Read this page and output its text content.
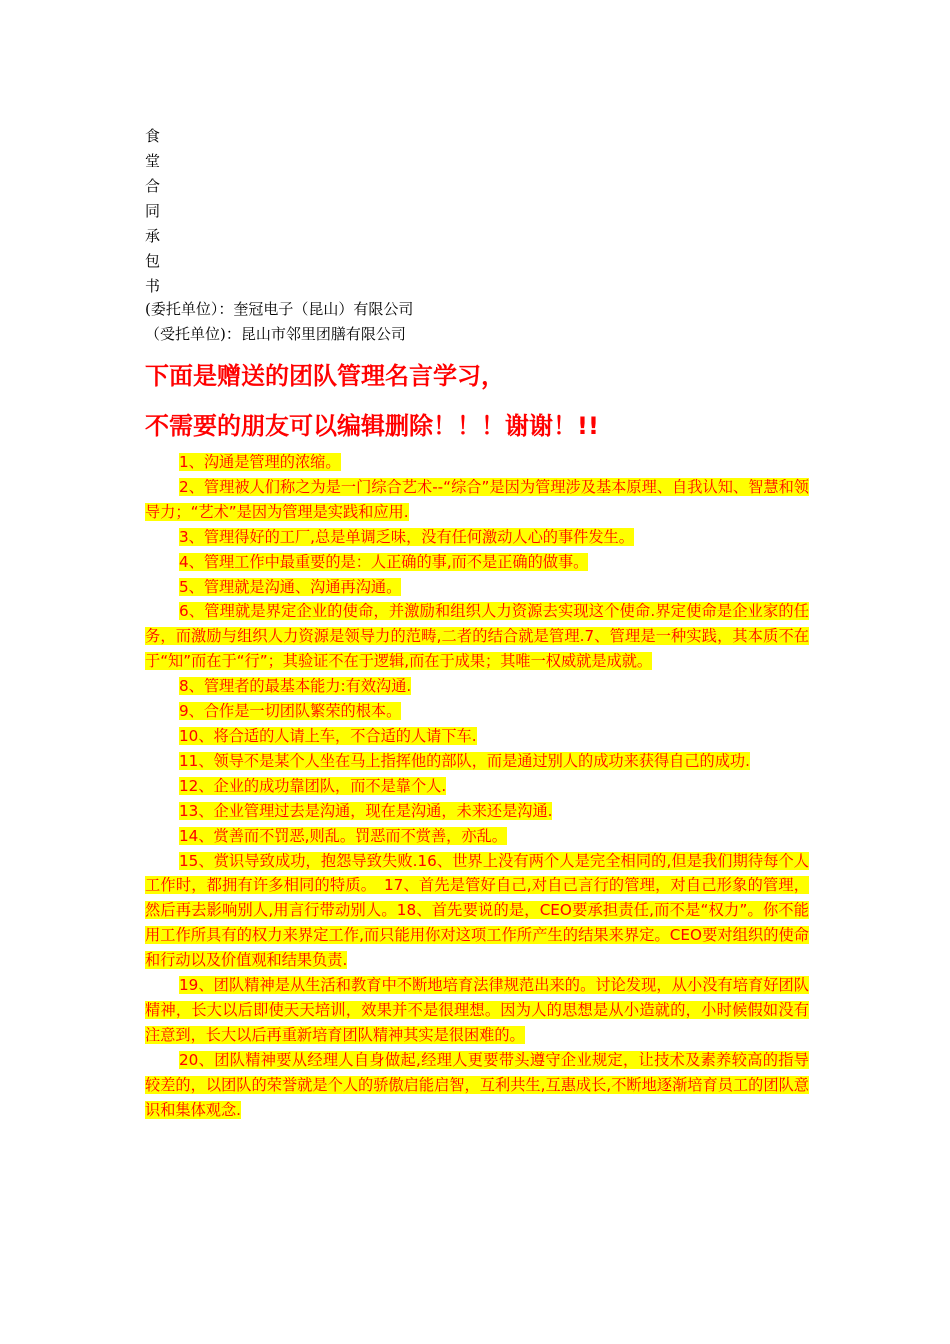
食
堂
合
同
承
包
书
(委托单位）：奎冠电子（昆山）有限公司
（受托单位)：昆山市邻里团膳有限公司
下面是赠送的团队管理名言学习，
不需要的朋友可以编辑删除！！！谢谢！!!

1、沟通是管理的浓缩。

2、管理被人们称之为是一门综合艺术--“综合”是因为管理涉及基本原理、自我认知、智慧和领导力；“艺术”是因为管理是实践和应用.

3、管理得好的工厂,总是单调乏味，没有任何激动人心的事件发生。

4、管理工作中最重要的是：人正确的事,而不是正确的做事。

5、管理就是沟通、沟通再沟通。

6、管理就是界定企业的使命，并激励和组织人力资源去实现这个使命.界定使命是企业家的任务，而激励与组织人力资源是领导力的范畴,二者的结合就是管理.7、管理是一种实践，其本质不在于“知”而在于“行”；其验证不在于逻辑,而在于成果；其唯一权威就是成就。

8、管理者的最基本能力:有效沟通.

9、合作是一切团队繁荣的根本。

10、将合适的人请上车，不合适的人请下车.

11、领导不是某个人坐在马上指挥他的部队，而是通过别人的成功来获得自己的成功.

12、企业的成功靠团队，而不是靠个人.

13、企业管理过去是沟通，现在是沟通，未来还是沟通.

14、赏善而不罚恶,则乱。罚恶而不赏善，亦乱。

15、赏识导致成功，抱怨导致失败.16、世界上没有两个人是完全相同的,但是我们期待每个人工作时，都拥有许多相同的特质。　17、首先是管好自己,对自己言行的管理，对自己形象的管理，然后再去影响别人,用言行带动别人。18、首先要说的是，CEO要承担责任,而不是“权力”。你不能用工作所具有的权力来界定工作,而只能用你对这项工作所产生的结果来界定。CEO要对组织的使命和行动以及价值观和结果负责.

19、团队精神是从生活和教育中不断地培育法律规范出来的。讨论发现，从小没有培育好团队精神，长大以后即使天天培训，效果并不是很理想。因为人的思想是从小造就的，小时候假如没有注意到，长大以后再重新培育团队精神其实是很困难的。

20、团队精神要从经理人自身做起,经理人更要带头遵守企业规定，让技术及素养较高的指导较差的，以团队的荣誉就是个人的骄傲启能启智，互利共生,互惠成长,不断地逐渐培育员工的团队意识和集体观念.
